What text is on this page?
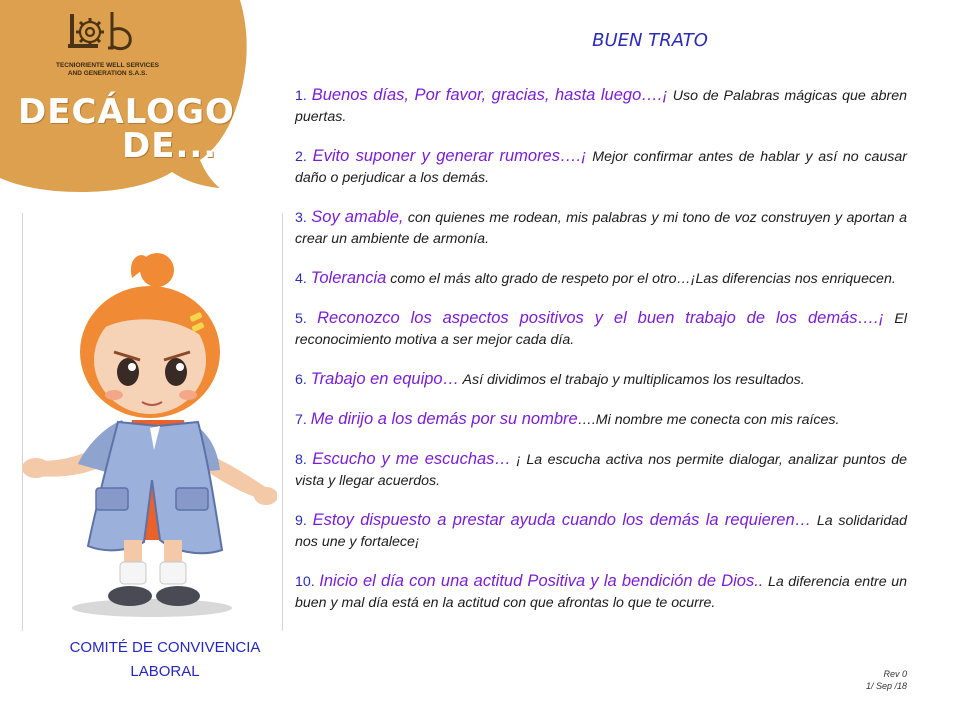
TECNIORIENTE WELL SERVICES
AND GENERATION S.A.S.

DECÁLOGO
DE...
COMITÉ DE CONVIVENCIA
LABORAL
BUEN TRATO
1. Buenos días, Por favor, gracias, hasta luego….¡ Uso de Palabras mágicas que abren puertas.
2. Evito suponer y generar rumores….¡ Mejor confirmar antes de hablar y así no causar daño o perjudicar a los demás.
3. Soy amable, con quienes me rodean, mis palabras y mi tono de voz construyen y aportan a crear un ambiente de armonía.
4. Tolerancia como el más alto grado de respeto por el otro…¡Las diferencias nos enriquecen.
5. Reconozco los aspectos positivos y el buen trabajo de los demás….¡ El reconocimiento motiva a ser mejor cada día.
6. Trabajo en equipo… Así dividimos el trabajo y multiplicamos los resultados.
7. Me dirijo a los demás por su nombre….Mi nombre me conecta con mis raíces.
8. Escucho y me escuchas… ¡ La escucha activa nos permite dialogar, analizar puntos de vista y llegar acuerdos.
9. Estoy dispuesto a prestar ayuda cuando los demás la requieren… La solidaridad nos une y fortalece¡
10. Inicio el día con una actitud Positiva y la bendición de Dios.. La diferencia entre un buen y mal día está en la actitud con que afrontas lo que te ocurre.
Rev 0
1/ Sep /18
